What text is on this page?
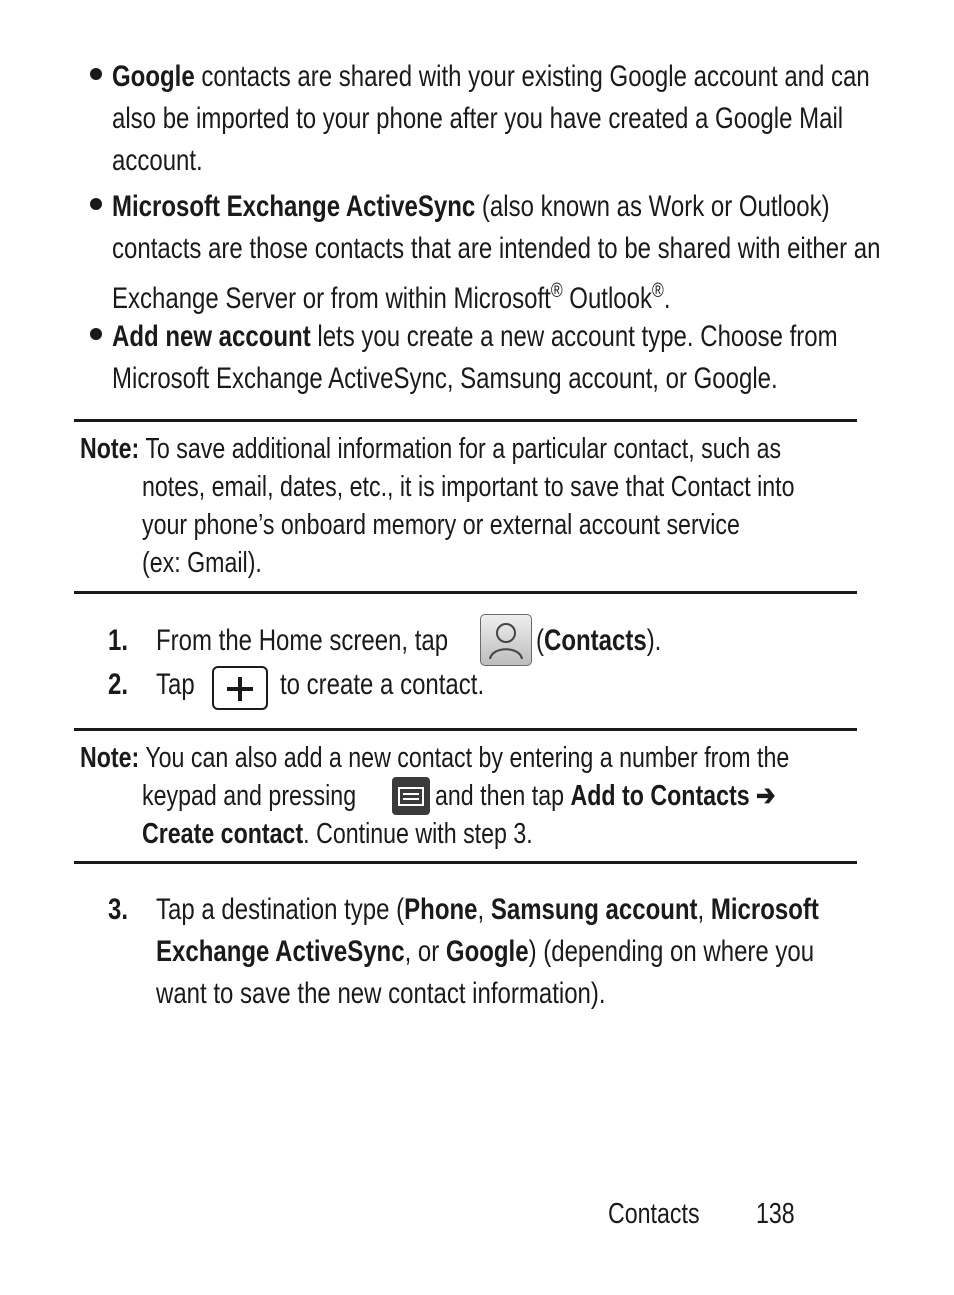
Google contacts are shared with your existing Google account and can
also be imported to your phone after you have created a Google Mail
account.
Microsoft Exchange ActiveSync (also known as Work or Outlook)
contacts are those contacts that are intended to be shared with either an
Exchange Server or from within Microsoft® Outlook®.
Add new account lets you create a new account type. Choose from
Microsoft Exchange ActiveSync, Samsung account, or Google.
Note: To save additional information for a particular contact, such as
notes, email, dates, etc., it is important to save that Contact into
your phone’s onboard memory or external account service
(ex: Gmail).
1. From the Home screen, tap	(Contacts).
2. Tap	to create a contact.
Note: You can also add a new contact by entering a number from the
keypad and pressing	and then tap Add to Contacts ➔
Create contact. Continue with step 3.
3. Tap a destination type (Phone, Samsung account, Microsoft
Exchange ActiveSync, or Google) (depending on where you
want to save the new contact information).
Contacts 138
